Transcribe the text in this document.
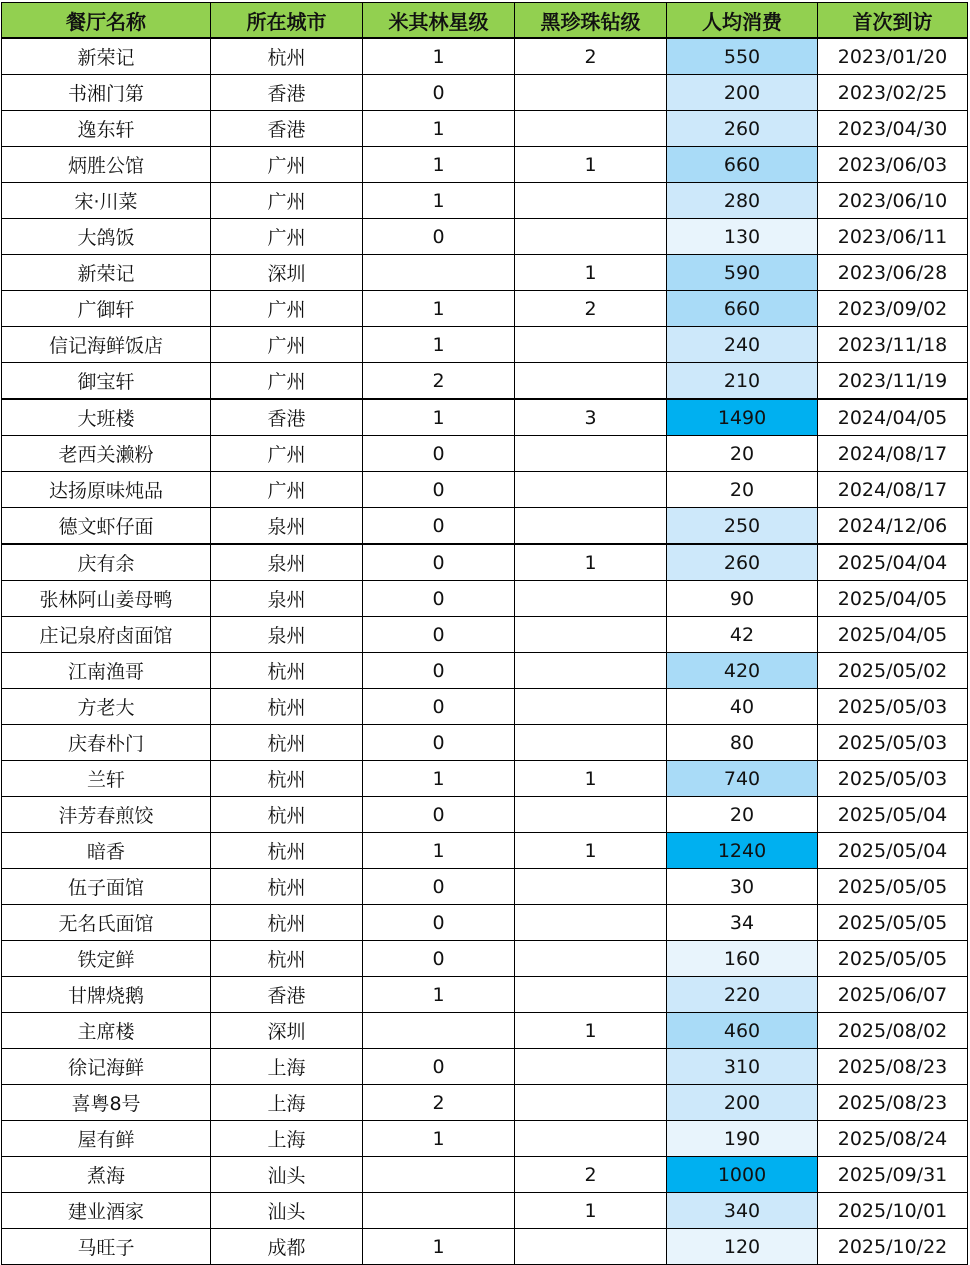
餐厅名称	所在城市	米其林星级	黑珍珠钻级	人均消费	首次到访
新荣记	杭州	1	2	550	2023/01/20
书湘门第	香港	0		200	2023/02/25
逸东轩	香港	1		260	2023/04/30
炳胜公馆	广州	1	1	660	2023/06/03
宋·川菜	广州	1		280	2023/06/10
大鸽饭	广州	0		130	2023/06/11
新荣记	深圳		1	590	2023/06/28
广御轩	广州	1	2	660	2023/09/02
信记海鲜饭店	广州	1		240	2023/11/18
御宝轩	广州	2		210	2023/11/19
大班楼	香港	1	3	1490	2024/04/05
老西关濑粉	广州	0		20	2024/08/17
达扬原味炖品	广州	0		20	2024/08/17
德文虾仔面	泉州	0		250	2024/12/06
庆有余	泉州	0	1	260	2025/04/04
张林阿山姜母鸭	泉州	0		90	2025/04/05
庄记泉府卤面馆	泉州	0		42	2025/04/05
江南渔哥	杭州	0		420	2025/05/02
方老大	杭州	0		40	2025/05/03
庆春朴门	杭州	0		80	2025/05/03
兰轩	杭州	1	1	740	2025/05/03
沣芳春煎饺	杭州	0		20	2025/05/04
暗香	杭州	1	1	1240	2025/05/04
伍子面馆	杭州	0		30	2025/05/05
无名氏面馆	杭州	0		34	2025/05/05
铁定鲜	杭州	0		160	2025/05/05
甘牌烧鹅	香港	1		220	2025/06/07
主席楼	深圳		1	460	2025/08/02
徐记海鲜	上海	0		310	2025/08/23
喜粤8号	上海	2		200	2025/08/23
屋有鲜	上海	1		190	2025/08/24
煮海	汕头		2	1000	2025/09/31
建业酒家	汕头		1	340	2025/10/01
马旺子	成都	1		120	2025/10/22
